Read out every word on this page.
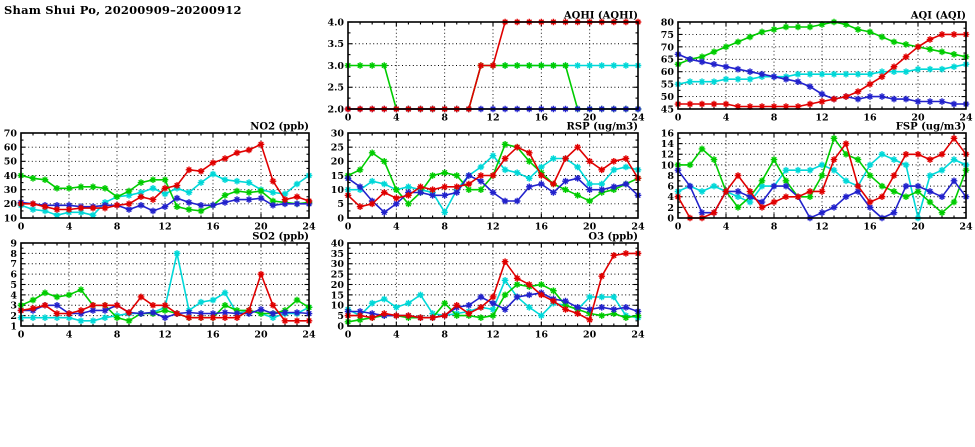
Sham Shui Po, 20200909–20200912
0	4	8	12	16	20	24
2.0
2.5
3.0
3.5
4.0
AQHI (AQHI)
0	4	8	12	16	20	24
45
50
55
60
65
70
75
80
AQI (AQI)
0	4	8	12	16	20	24
10
20
30
40
50
60
70
NO2 (ppb)
0	4	8	12	16	20	24
0
5
10
15
20
25
30
RSP (ug/m3)
0	4	8	12	16	20	24
0
2
4
6
8
10
12
14
16
FSP (ug/m3)
0	4	8	12	16	20	24
1
2
3
4
5
6
7
8
9
SO2 (ppb)
0	4	8	12	16	20	24
0
5
10
15
20
25
30
35
40
O3 (ppb)
